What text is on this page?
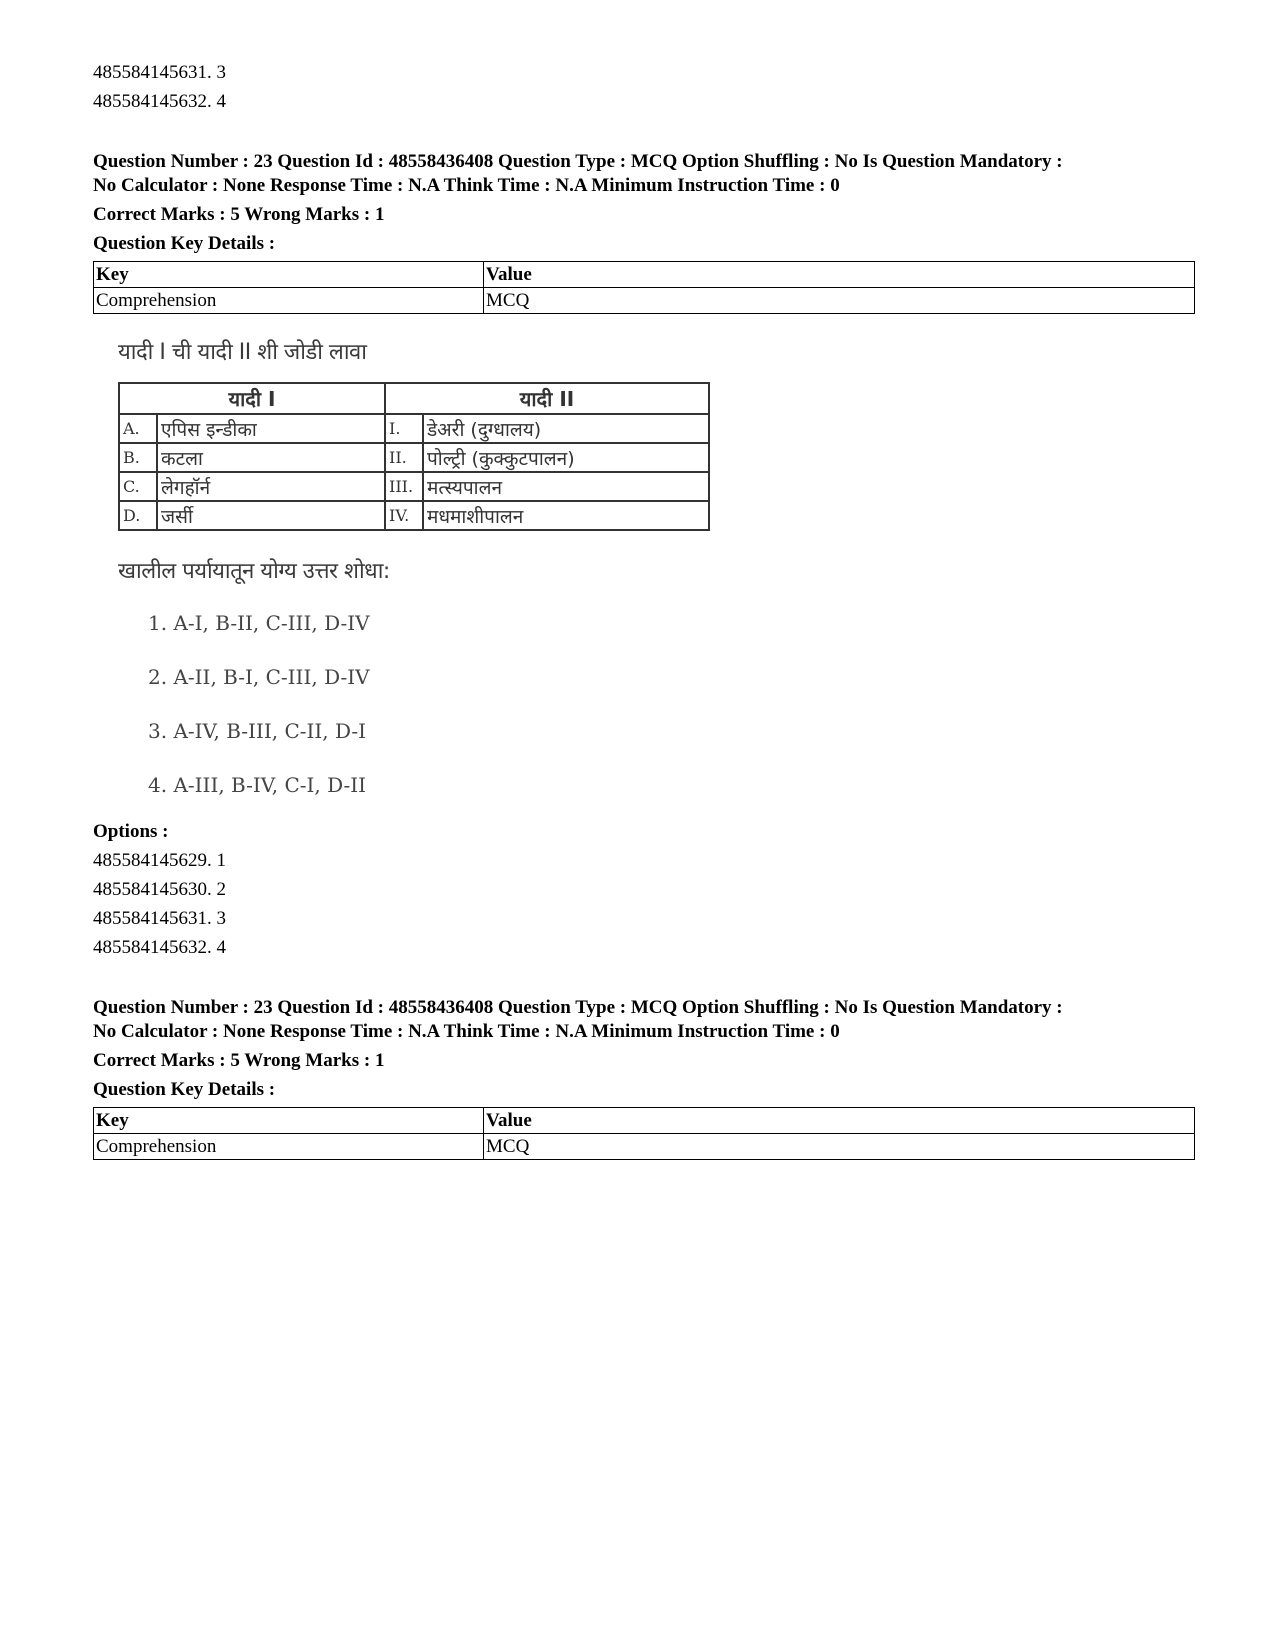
485584145631. 3
485584145632. 4
Question Number : 23 Question Id : 48558436408 Question Type : MCQ Option Shuffling : No Is Question Mandatory :
No Calculator : None Response Time : N.A Think Time : N.A Minimum Instruction Time : 0
Correct Marks : 5 Wrong Marks : 1
Question Key Details :
Key	Value
Comprehension	MCQ
यादी I ची यादी II शी जोडी लावा
यादी I		यादी II	
A.	एपिस इन्डीका	I.	डेअरी (दुग्धालय)
B.	कटला	II.	पोल्ट्री (कुक्कुटपालन)
C.	लेगहॉर्न	III.	मत्स्यपालन
D.	जर्सी	IV.	मधमाशीपालन
खालील पर्यायातून योग्य उत्तर शोधा:
1. A-I, B-II, C-III, D-IV
2. A-II, B-I, C-III, D-IV
3. A-IV, B-III, C-II, D-I
4. A-III, B-IV, C-I, D-II
Options :
485584145629. 1
485584145630. 2
485584145631. 3
485584145632. 4
Question Number : 23 Question Id : 48558436408 Question Type : MCQ Option Shuffling : No Is Question Mandatory :
No Calculator : None Response Time : N.A Think Time : N.A Minimum Instruction Time : 0
Correct Marks : 5 Wrong Marks : 1
Question Key Details :
Key	Value
Comprehension	MCQ
